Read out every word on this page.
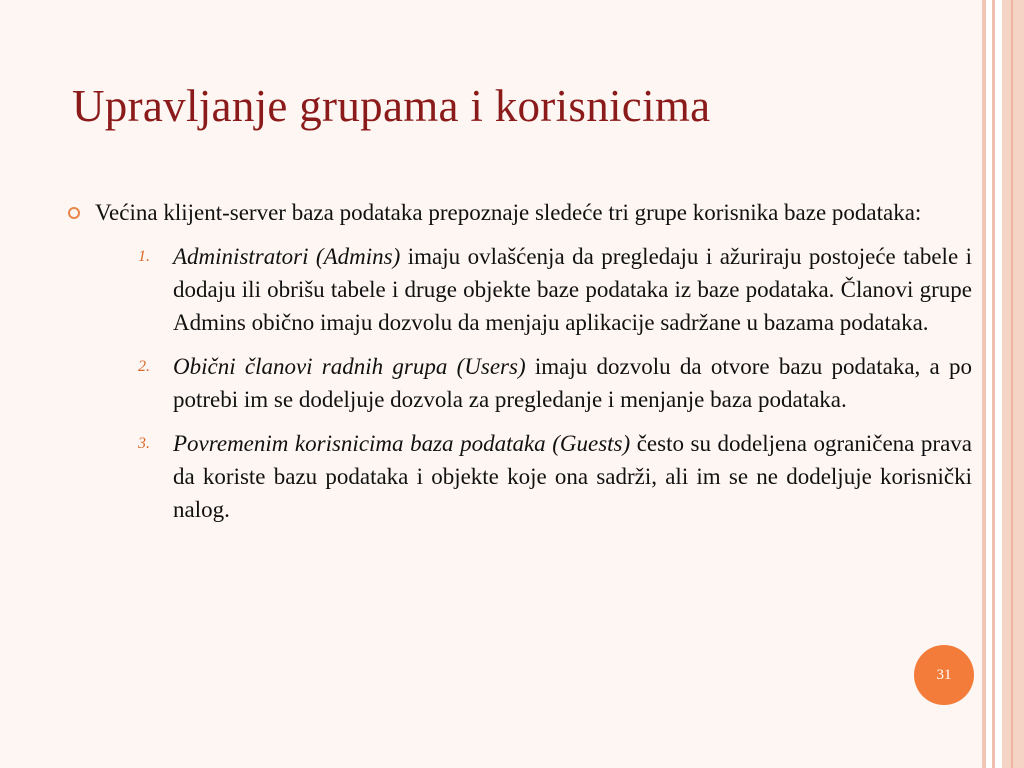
Upravljanje grupama i korisnicima
Većina klijent-server baza podataka prepoznaje sledeće tri grupe korisnika baze podataka:
1.	Administratori (Admins) imaju ovlašćenja da pregledaju i ažuriraju postojeće tabele i dodaju ili obrišu tabele i druge objekte baze podataka iz baze podataka. Članovi grupe Admins obično imaju dozvolu da menjaju aplikacije sadržane u bazama podataka.
2.	Obični članovi radnih grupa (Users) imaju dozvolu da otvore bazu podataka, a po potrebi im se dodeljuje dozvola za pregledanje i menjanje baza podataka.
3.	Povremenim korisnicima baza podataka (Guests) često su dodeljena ograničena prava da koriste bazu podataka i objekte koje ona sadrži, ali im se ne dodeljuje korisnički nalog.
31
